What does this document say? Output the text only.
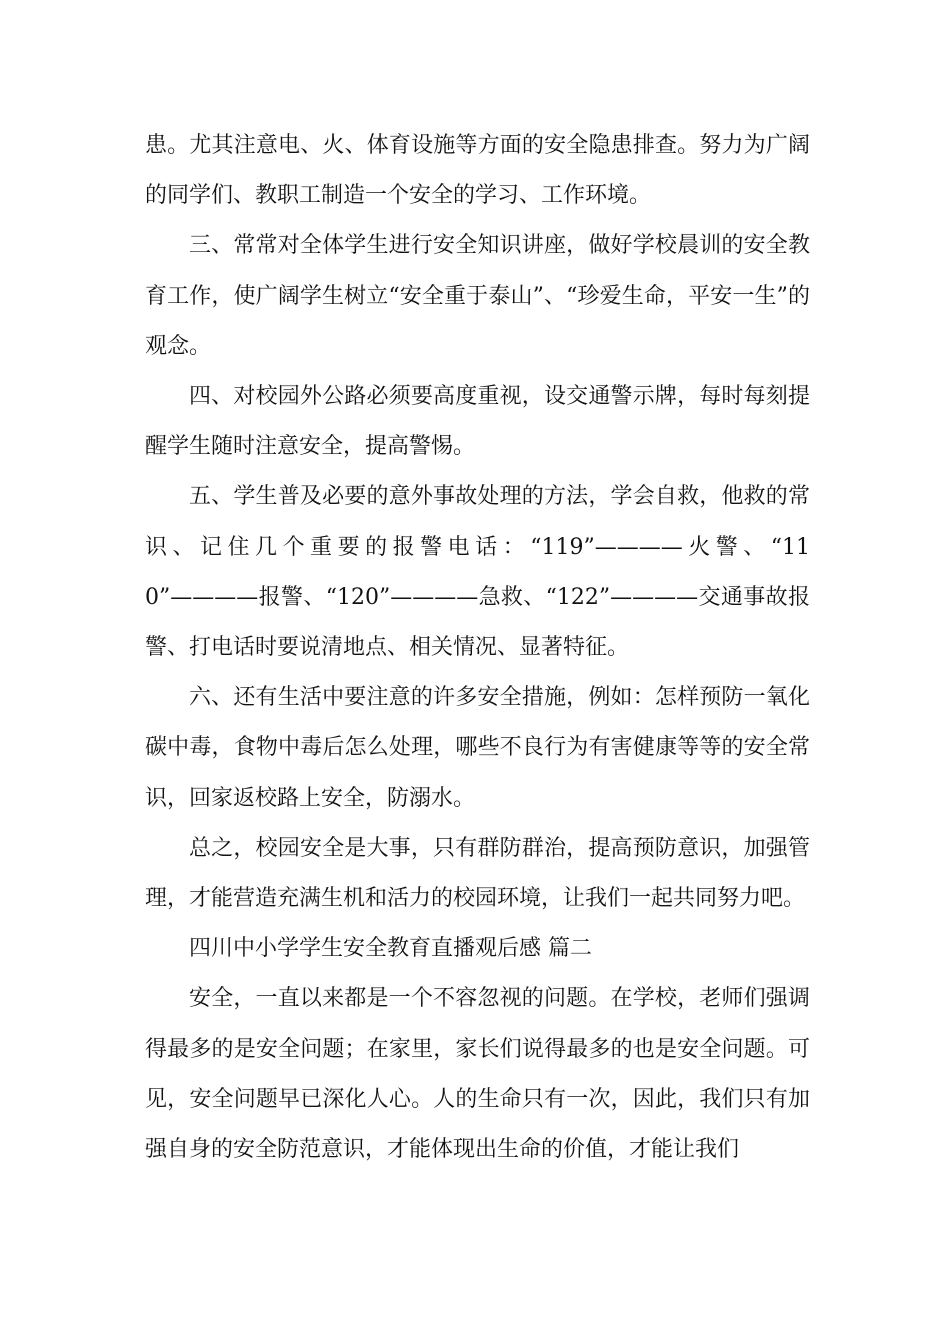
患。尤其注意电、火、体育设施等方面的安全隐患排查。努力为广阔的同学们、教职工制造一个安全的学习、工作环境。

三、常常对全体学生进行安全知识讲座，做好学校晨训的安全教育工作，使广阔学生树立“安全重于泰山”、“珍爱生命，平安一生”的观念。

四、对校园外公路必须要高度重视，设交通警示牌，每时每刻提醒学生随时注意安全，提高警惕。

五、学生普及必要的意外事故处理的方法，学会自救，他救的常识、记住几个重要的报警电话：“119”————火警、“110”————报警、“120”————急救、“122”————交通事故报警、打电话时要说清地点、相关情况、显著特征。

六、还有生活中要注意的许多安全措施，例如：怎样预防一氧化碳中毒，食物中毒后怎么处理，哪些不良行为有害健康等等的安全常识，回家返校路上安全，防溺水。

总之，校园安全是大事，只有群防群治，提高预防意识，加强管理，才能营造充满生机和活力的校园环境，让我们一起共同努力吧。

四川中小学学生安全教育直播观后感 篇二

安全，一直以来都是一个不容忽视的问题。在学校，老师们强调得最多的是安全问题；在家里，家长们说得最多的也是安全问题。可见，安全问题早已深化人心。人的生命只有一次，因此，我们只有加强自身的安全防范意识，才能体现出生命的价值，才能让我们
